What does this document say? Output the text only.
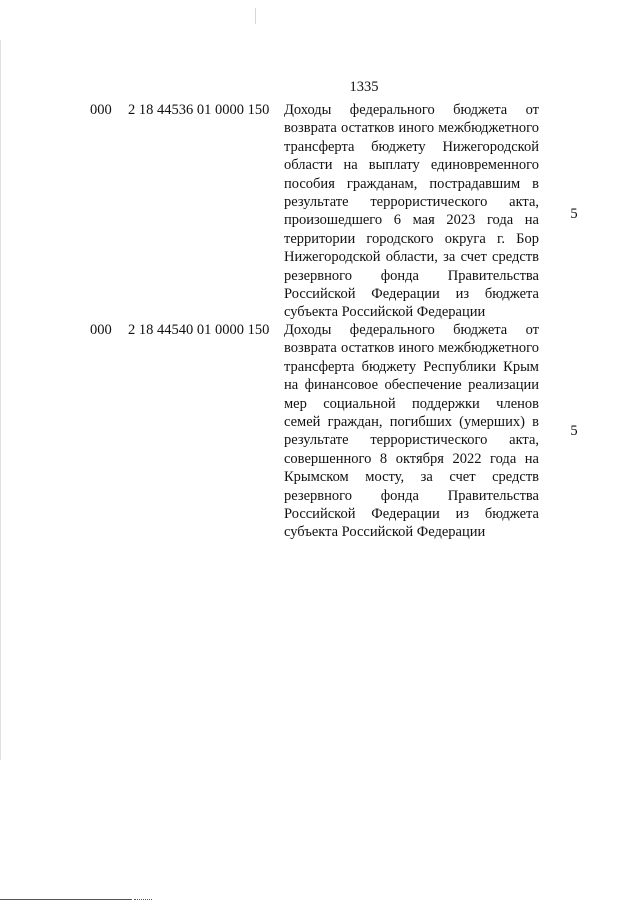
1335
000 2 18 44536 01 0000 150 Доходы федерального бюджета от возврата остатков иного межбюджетного трансферта бюджету Нижегородской области на выплату единовременного пособия гражданам, пострадавшим в результате террористического акта, произошедшего 6 мая 2023 года на территории городского округа г. Бор Нижегородской области, за счет средств резервного фонда Правительства Российской Федерации из бюджета субъекта Российской Федерации
5
000 2 18 44540 01 0000 150 Доходы федерального бюджета от возврата остатков иного межбюджетного трансферта бюджету Республики Крым на финансовое обеспечение реализации мер социальной поддержки членов семей граждан, погибших (умерших) в результате террористического акта, совершенного 8 октября 2022 года на Крымском мосту, за счет средств резервного фонда Правительства Российской Федерации из бюджета субъекта Российской Федерации
5
